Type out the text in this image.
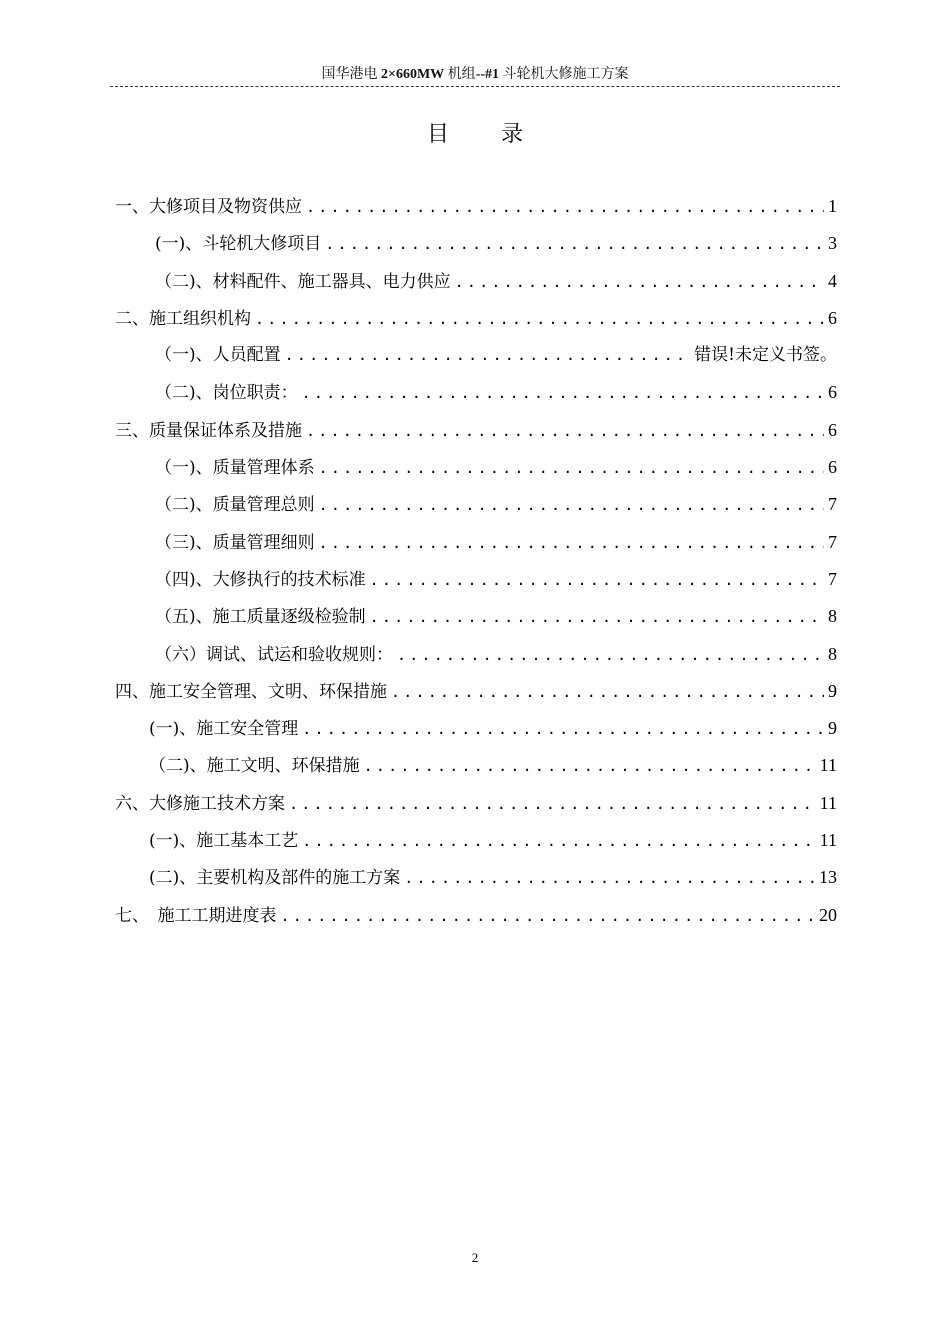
国华港电 2×660MW 机组--#1 斗轮机大修施工方案
目录
一、大修项目及物资供应 .....	1
(一)、斗轮机大修项目 .....	3
（二)、材料配件、施工器具、电力供应 .....	4
二、施工组织机构 .....	6
（一)、人员配置 .....	错误!未定义书签。
（二)、岗位职责： .....	6
三、质量保证体系及措施 .....	6
（一)、质量管理体系 .....	6
（二)、质量管理总则 .....	7
（三)、质量管理细则 .....	7
（四)、大修执行的技术标准 .....	7
（五)、施工质量逐级检验制 .....	8
（六）调试、试运和验收规则： .....	8
四、施工安全管理、文明、环保措施 .....	9
(一)、施工安全管理 .....	9
（二)、施工文明、环保措施 .....	11
六、大修施工技术方案 .....	11
(一)、施工基本工艺 .....	11
(二)、主要机构及部件的施工方案 .....	13
七、　施工工期进度表 .....	20
2
